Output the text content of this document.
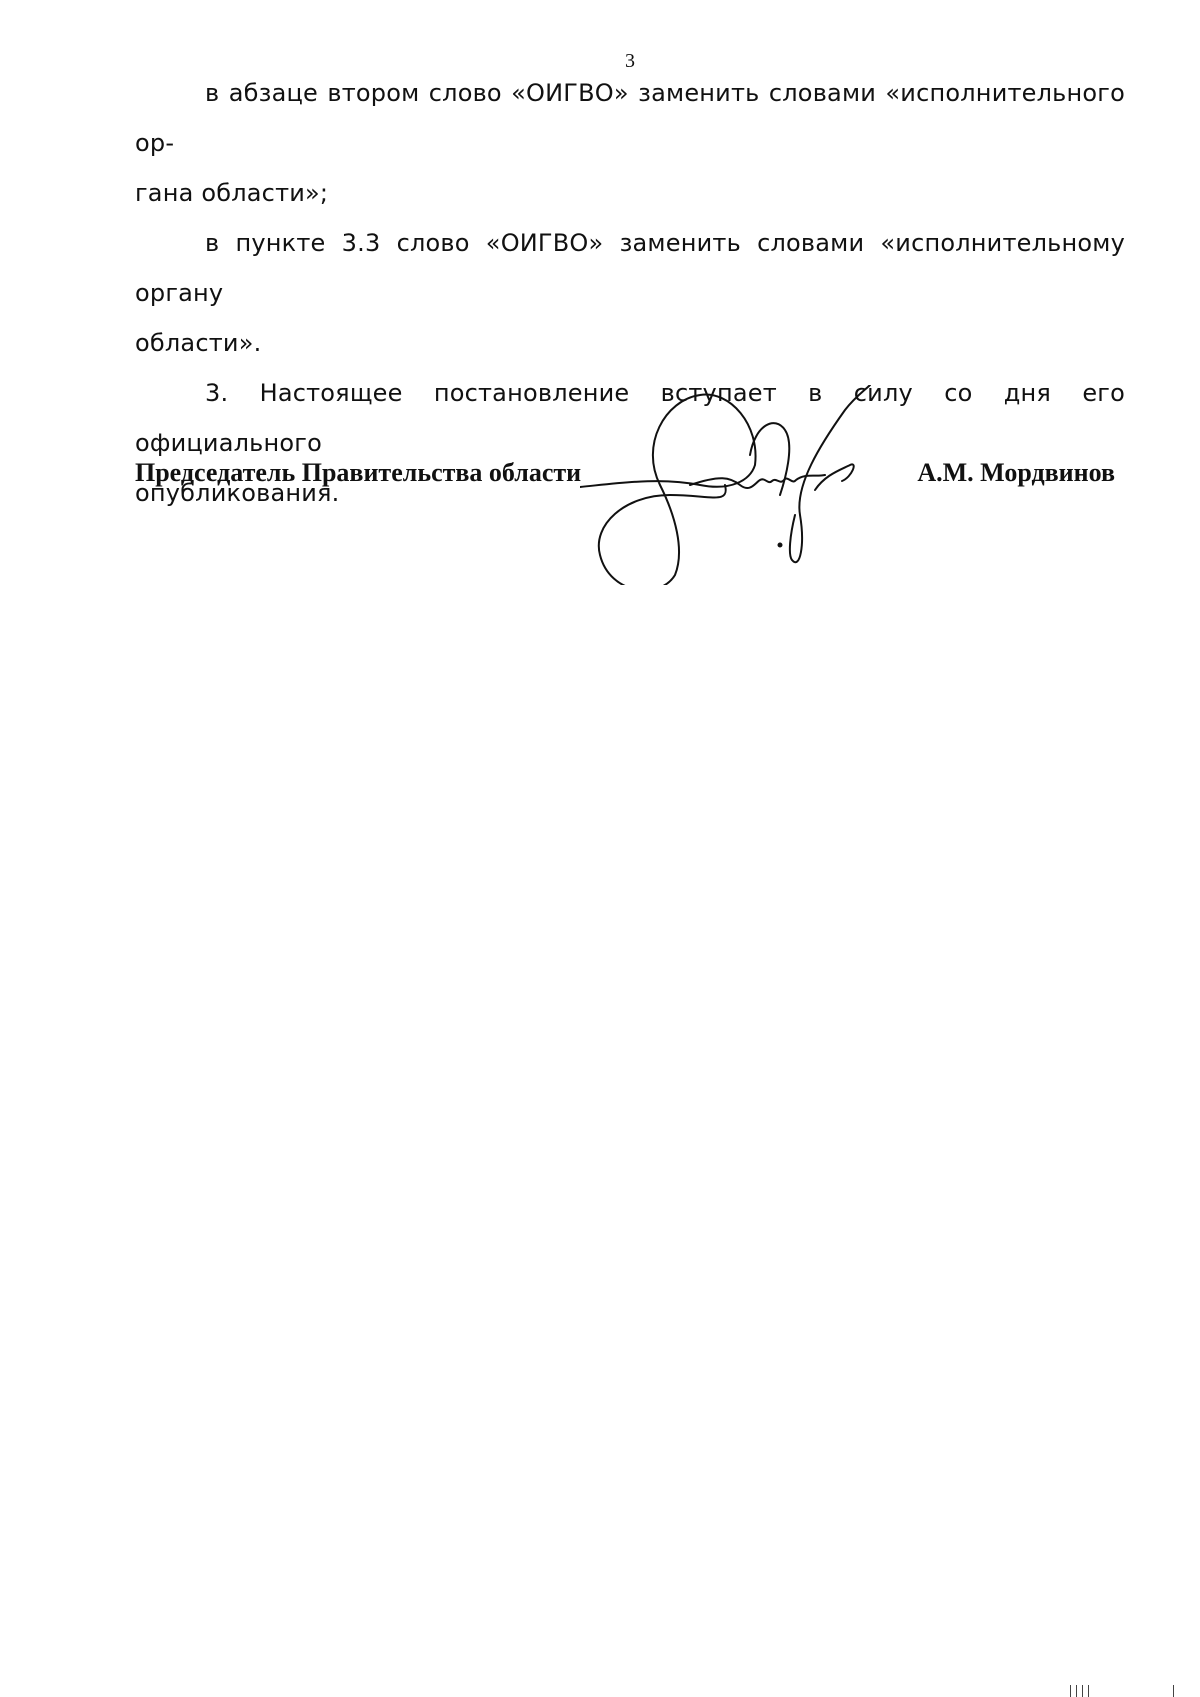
3

в абзаце втором слово «ОИГВО» заменить словами «исполнительного ор-
гана области»;

в пункте 3.3 слово «ОИГВО» заменить словами «исполнительному органу
области».

3. Настоящее постановление вступает в силу со дня его официального
опубликования.

Председатель Правительства области	А.М. Мордвинов
